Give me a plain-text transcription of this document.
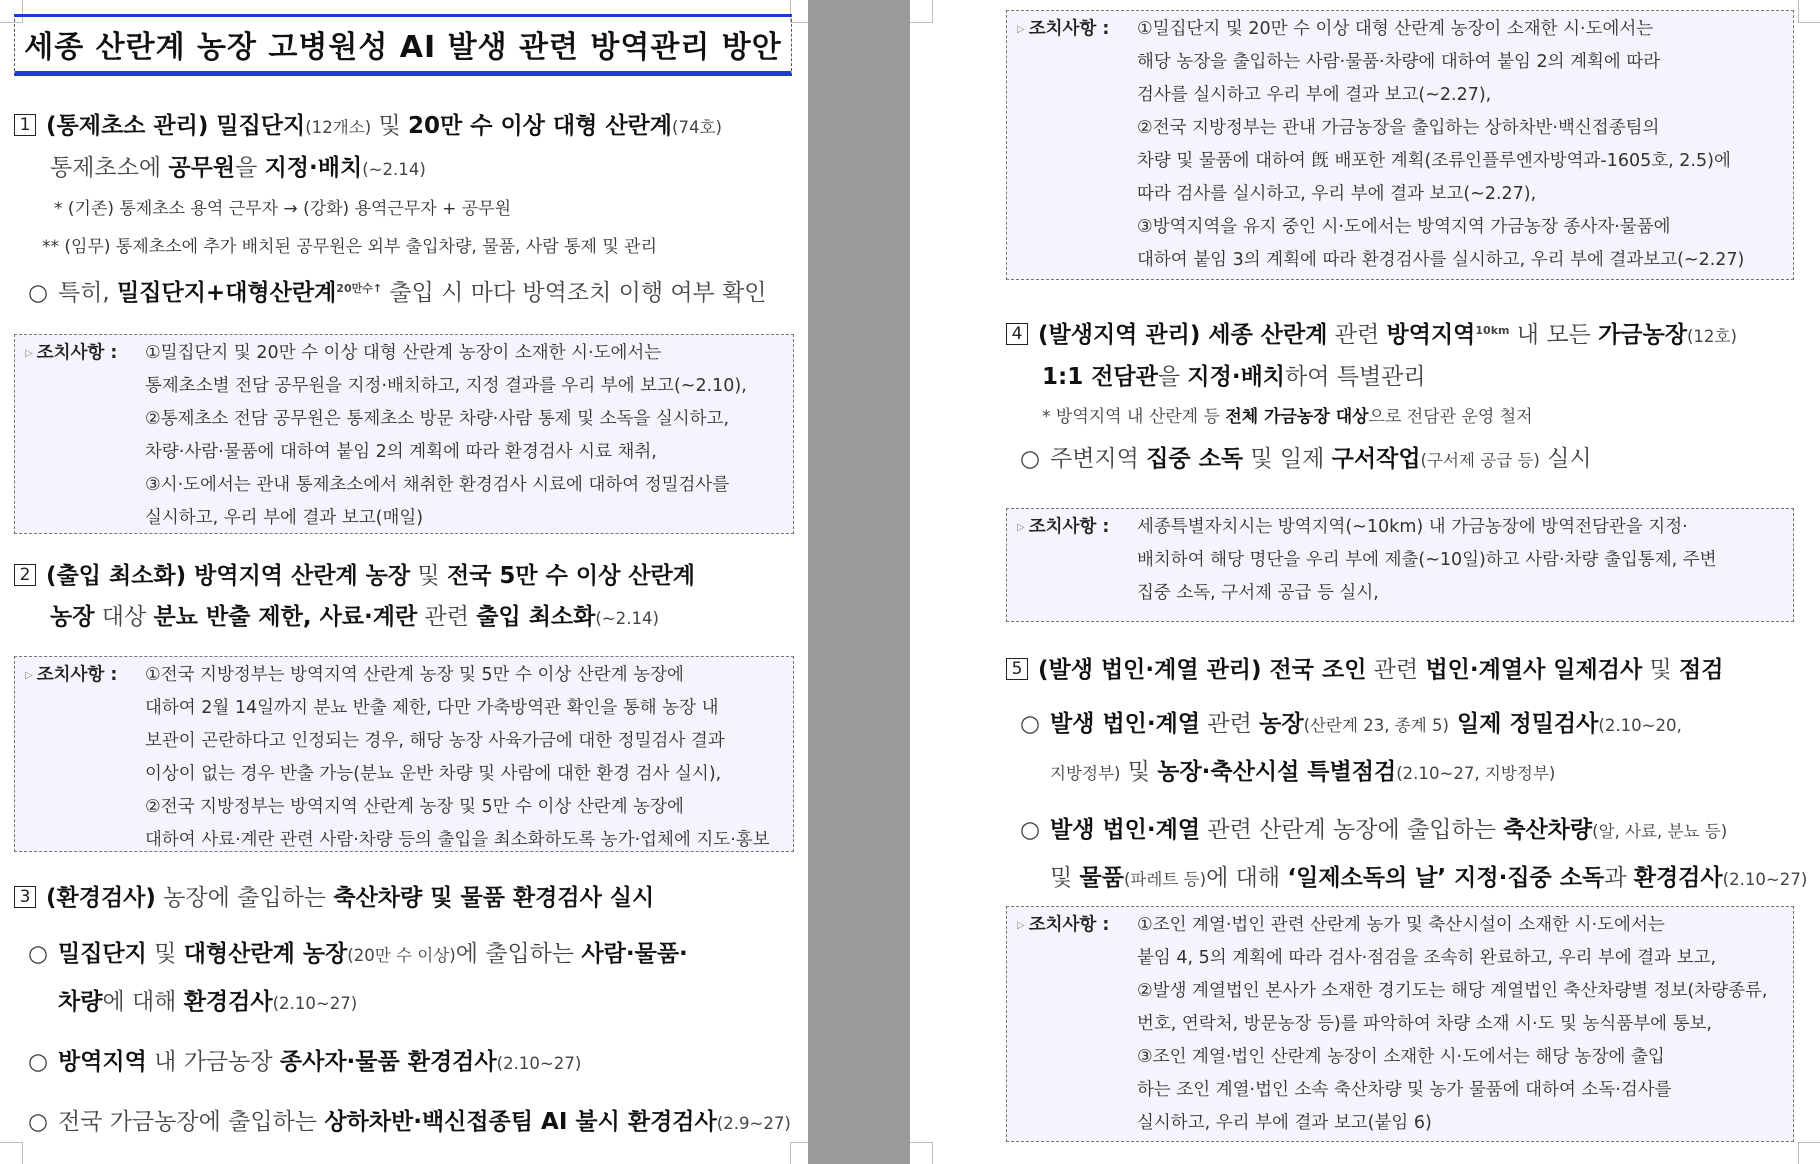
세종 산란계 농장 고병원성 AI 발생 관련 방역관리 방안
1 (통제초소 관리) 밀집단지(12개소) 및 20만 수 이상 대형 산란계(74호)
통제초소에 공무원을 지정·배치(~2.14)
* (기존) 통제초소 용역 근무자 → (강화) 용역근무자 + 공무원
** (임무) 통제초소에 추가 배치된 공무원은 외부 출입차량, 물품, 사람 통제 및 관리
○ 특히, 밀집단지+대형산란계$^{20만수↑}$ 출입 시 마다 방역조치 이행 여부 확인
▷ 조치사항 : ①밀집단지 및 20만 수 이상 대형 산란계 농장이 소재한 시·도에서는
통제초소별 전담 공무원을 지정·배치하고, 지정 결과를 우리 부에 보고(~2.10),
②통제초소 전담 공무원은 통제초소 방문 차량·사람 통제 및 소독을 실시하고,
차량·사람·물품에 대하여 붙임 2의 계획에 따라 환경검사 시료 채취,
③시·도에서는 관내 통제초소에서 채취한 환경검사 시료에 대하여 정밀검사를
실시하고, 우리 부에 결과 보고(매일)
2 (출입 최소화) 방역지역 산란계 농장 및 전국 5만 수 이상 산란계
농장 대상 분뇨 반출 제한, 사료·계란 관련 출입 최소화(~2.14)
▷ 조치사항 : ①전국 지방정부는 방역지역 산란계 농장 및 5만 수 이상 산란계 농장에
대하여 2월 14일까지 분뇨 반출 제한, 다만 가축방역관 확인을 통해 농장 내
보관이 곤란하다고 인정되는 경우, 해당 농장 사육가금에 대한 정밀검사 결과
이상이 없는 경우 반출 가능(분뇨 운반 차량 및 사람에 대한 환경 검사 실시),
②전국 지방정부는 방역지역 산란계 농장 및 5만 수 이상 산란계 농장에
대하여 사료·계란 관련 사람·차량 등의 출입을 최소화하도록 농가·업체에 지도·홍보
3 (환경검사) 농장에 출입하는 축산차량 및 물품 환경검사 실시
○ 밀집단지 및 대형산란계 농장(20만 수 이상)에 출입하는 사람·물품·
차량에 대해 환경검사(2.10~27)
○ 방역지역 내 가금농장 종사자·물품 환경검사(2.10~27)
○ 전국 가금농장에 출입하는 상하차반·백신접종팀 AI 불시 환경검사(2.9~27)
▷ 조치사항 : ①밀집단지 및 20만 수 이상 대형 산란계 농장이 소재한 시·도에서는
해당 농장을 출입하는 사람·물품·차량에 대하여 붙임 2의 계획에 따라
검사를 실시하고 우리 부에 결과 보고(~2.27),
②전국 지방정부는 관내 가금농장을 출입하는 상하차반·백신접종팀의
차량 및 물품에 대하여 旣 배포한 계획(조류인플루엔자방역과-1605호, 2.5)에
따라 검사를 실시하고, 우리 부에 결과 보고(~2.27),
③방역지역을 유지 중인 시·도에서는 방역지역 가금농장 종사자·물품에
대하여 붙임 3의 계획에 따라 환경검사를 실시하고, 우리 부에 결과보고(~2.27)
4 (발생지역 관리) 세종 산란계 관련 방역지역$^{10km}$ 내 모든 가금농장(12호)
1:1 전담관을 지정·배치하여 특별관리
* 방역지역 내 산란계 등 전체 가금농장 대상으로 전담관 운영 철저
○ 주변지역 집중 소독 및 일제 구서작업(구서제 공급 등) 실시
▷ 조치사항 : 세종특별자치시는 방역지역(~10km) 내 가금농장에 방역전담관을 지정·
배치하여 해당 명단을 우리 부에 제출(~10일)하고 사람·차량 출입통제, 주변
집중 소독, 구서제 공급 등 실시,
5 (발생 법인·계열 관리) 전국 조인 관련 법인·계열사 일제검사 및 점검
○ 발생 법인·계열 관련 농장(산란계 23, 종계 5) 일제 정밀검사(2.10~20,
지방정부) 및 농장·축산시설 특별점검(2.10~27, 지방정부)
○ 발생 법인·계열 관련 산란계 농장에 출입하는 축산차량(알, 사료, 분뇨 등)
및 물품(파레트 등)에 대해 ‘일제소독의 날’ 지정·집중 소독과 환경검사(2.10~27)
▷ 조치사항 : ①조인 계열·법인 관련 산란계 농가 및 축산시설이 소재한 시·도에서는
붙임 4, 5의 계획에 따라 검사·점검을 조속히 완료하고, 우리 부에 결과 보고,
②발생 계열법인 본사가 소재한 경기도는 해당 계열법인 축산차량별 정보(차량종류,
번호, 연락처, 방문농장 등)를 파악하여 차량 소재 시·도 및 농식품부에 통보,
③조인 계열·법인 산란계 농장이 소재한 시·도에서는 해당 농장에 출입
하는 조인 계열·법인 소속 축산차량 및 농가 물품에 대하여 소독·검사를
실시하고, 우리 부에 결과 보고(붙임 6)
